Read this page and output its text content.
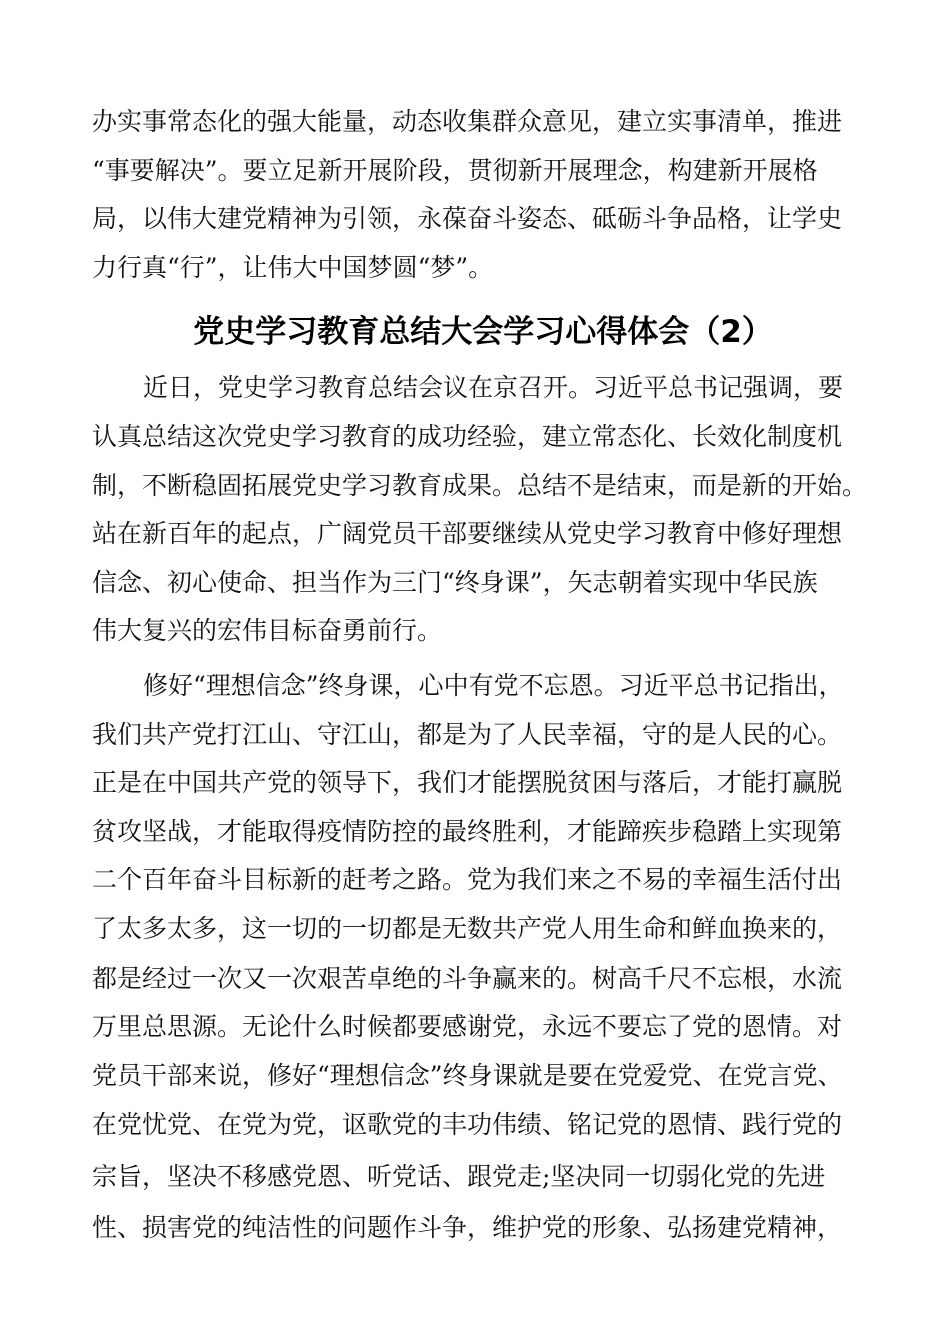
办实事常态化的强大能量，动态收集群众意见，建立实事清单，推进

“事要解决”。要立足新开展阶段，贯彻新开展理念，构建新开展格

局，以伟大建党精神为引领，永葆奋斗姿态、砥砺斗争品格，让学史

力行真“行”，让伟大中国梦圆“梦”。

党史学习教育总结大会学习心得体会（2）

近日，党史学习教育总结会议在京召开。习近平总书记强调，要

认真总结这次党史学习教育的成功经验，建立常态化、长效化制度机

制，不断稳固拓展党史学习教育成果。总结不是结束，而是新的开始。

站在新百年的起点，广阔党员干部要继续从党史学习教育中修好理想

信念、初心使命、担当作为三门“终身课”，矢志朝着实现中华民族

伟大复兴的宏伟目标奋勇前行。

修好“理想信念”终身课，心中有党不忘恩。习近平总书记指出，

我们共产党打江山、守江山，都是为了人民幸福，守的是人民的心。

正是在中国共产党的领导下，我们才能摆脱贫困与落后，才能打赢脱

贫攻坚战，才能取得疫情防控的最终胜利，才能蹄疾步稳踏上实现第

二个百年奋斗目标新的赶考之路。党为我们来之不易的幸福生活付出

了太多太多，这一切的一切都是无数共产党人用生命和鲜血换来的，

都是经过一次又一次艰苦卓绝的斗争赢来的。树高千尺不忘根，水流

万里总思源。无论什么时候都要感谢党，永远不要忘了党的恩情。对

党员干部来说，修好“理想信念”终身课就是要在党爱党、在党言党、

在党忧党、在党为党，讴歌党的丰功伟绩、铭记党的恩情、践行党的

宗旨，坚决不移感党恩、听党话、跟党走;坚决同一切弱化党的先进

性、损害党的纯洁性的问题作斗争，维护党的形象、弘扬建党精神，
